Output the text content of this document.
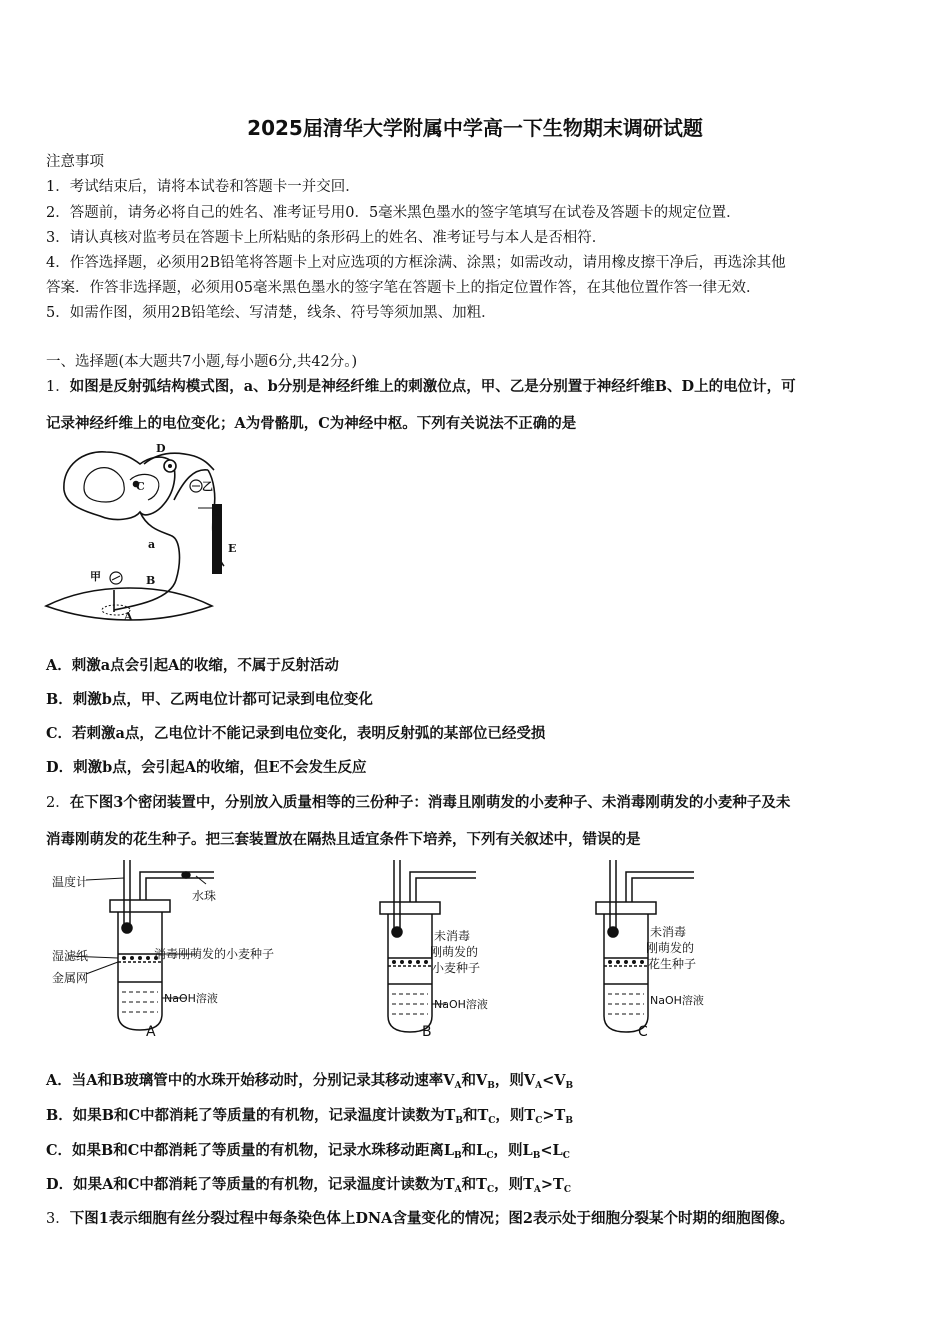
2025届清华大学附属中学高一下生物期末调研试题
注意事项
1．考试结束后，请将本试卷和答题卡一并交回．
2．答题前，请务必将自己的姓名、准考证号用0．5毫米黑色墨水的签字笔填写在试卷及答题卡的规定位置．
3．请认真核对监考员在答题卡上所粘贴的条形码上的姓名、准考证号与本人是否相符．
4．作答选择题，必须用2B铅笔将答题卡上对应选项的方框涂满、涂黑；如需改动，请用橡皮擦干净后，再选涂其他
答案．作答非选择题，必须用05毫米黑色墨水的签字笔在答题卡上的指定位置作答，在其他位置作答一律无效．
5．如需作图，须用2B铅笔绘、写清楚，线条、符号等须加黑、加粗．
一、选择题(本大题共7小题,每小题6分,共42分。)
1．如图是反射弧结构模式图，a、b分别是神经纤维上的刺激位点，甲、乙是分别置于神经纤维B、D上的电位计，可
记录神经纤维上的电位变化；A为骨骼肌，C为神经中枢。下列有关说法不正确的是
D
C	乙
b
E
a
甲	B
A
A．刺激a点会引起A的收缩，不属于反射活动
B．刺激b点，甲、乙两电位计都可记录到电位变化
C．若刺激a点，乙电位计不能记录到电位变化，表明反射弧的某部位已经受损
D．刺激b点，会引起A的收缩，但E不会发生反应
2．在下图3个密闭装置中，分别放入质量相等的三份种子：消毒且刚萌发的小麦种子、未消毒刚萌发的小麦种子及未
消毒刚萌发的花生种子。把三套装置放在隔热且适宜条件下培养，下列有关叙述中，错误的是
温度计
水珠
湿滤纸
金属网
消毒刚萌发的小麦种子
NaOH溶液
A
未消毒
刚萌发的
小麦种子
NaOH溶液
B
未消毒
刚萌发的
花生种子
NaOH溶液
C
A．当A和B玻璃管中的水珠开始移动时，分别记录其移动速率$V_A$和$V_B$，则$V_A<V_B$
B．如果B和C中都消耗了等质量的有机物，记录温度计读数为$T_B$和$T_C$，则$T_C>T_B$
C．如果B和C中都消耗了等质量的有机物，记录水珠移动距离$L_B$和$L_C$，则$L_B<L_C$
D．如果A和C中都消耗了等质量的有机物，记录温度计读数为$T_A$和$T_C$，则$T_A>T_C$
3．下图1表示细胞有丝分裂过程中每条染色体上DNA含量变化的情况；图2表示处于细胞分裂某个时期的细胞图像。
